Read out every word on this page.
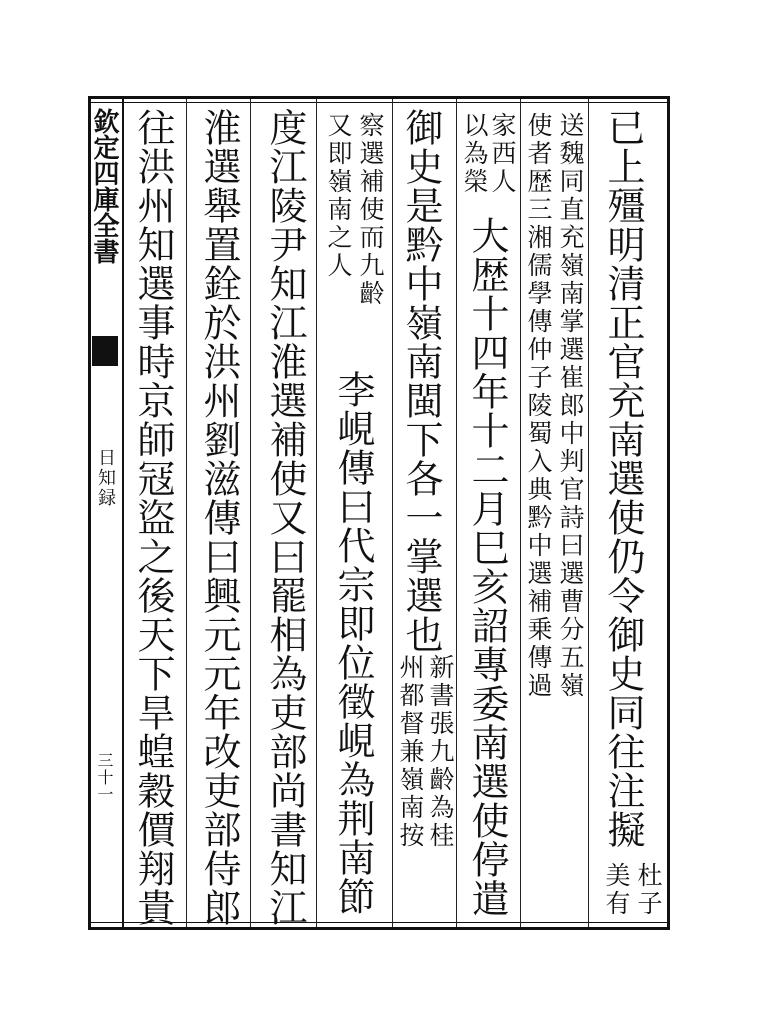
欽定四庫全書
日知録
三十一	已上殭明清正官充南選使仍令御史同往注擬
杜子
美有
送魏同直充嶺南掌選崔郎中判官詩曰選曹分五嶺
使者歴三湘儒學傳仲子陵蜀入典黔中選補乗傳過
家西人
以為榮
大歴十四年十二月巳亥詔專委南選使停遣
御史是黔中嶺南閩下各一掌選也
新書張九齡為桂
州都督兼嶺南按
察選補使而九齡
又即嶺南之人
李峴傳曰代宗即位徵峴為荆南節
度江陵尹知江淮選補使又曰罷相為吏部尚書知江
淮選舉置銓於洪州劉滋傳曰興元元年改吏部侍郎
往洪州知選事時京師冦盜之後天下旱蝗穀價翔貴
